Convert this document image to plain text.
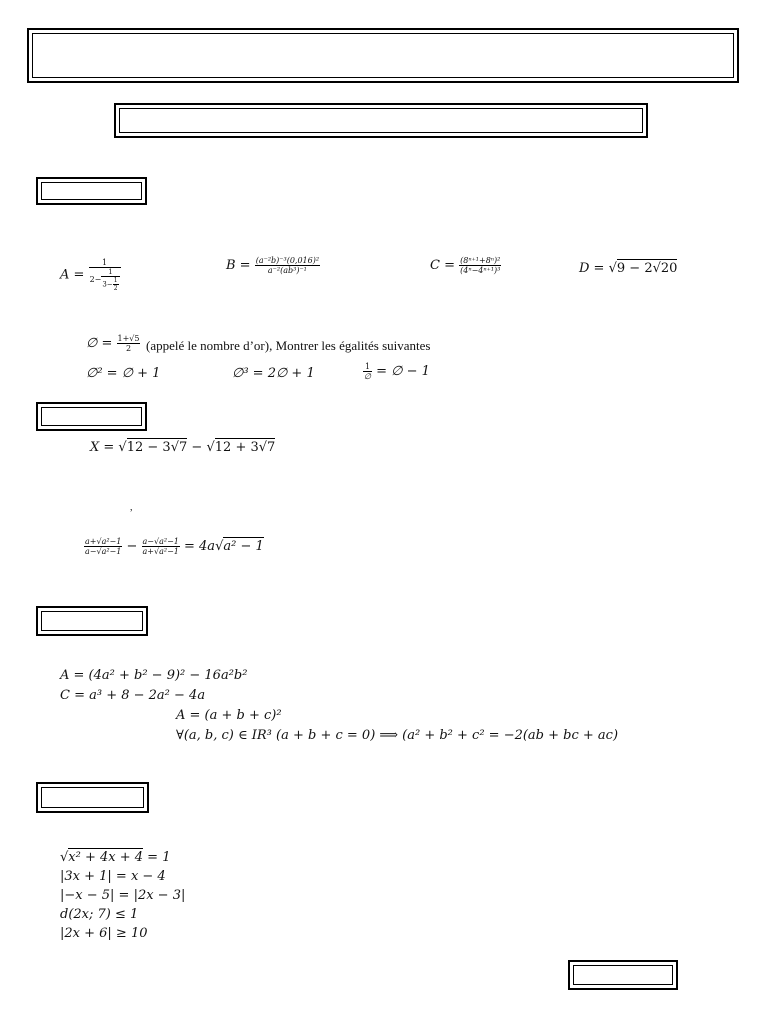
$A = \frac{1}{2- \frac{1}{3- \frac{1}{2}}}$	$B = \frac{\text{(a⁻²b)⁻³(0,016)²}}{\text{a⁻²(ab³)⁻¹}}$	$C = \frac{\text{(8ⁿ⁺¹+8ⁿ)²}}{\text{(4ⁿ−4ⁿ⁺¹)³}}$	D = √9 − 2√20
∅ = $\frac{1+√5}{2}$ (appelé le nombre d’or), Montrer les égalités suivantes
∅² = ∅ + 1	∅³ = 2∅ + 1	$\frac{1}{\emptyset}$ = ∅ − 1
X = √12 − 3√7 − √12 + 3√7
,
$\frac{\text{a+√a²−1}}{\text{a−√a²−1}} - \frac{\text{a−√a²−1}}{\text{a+√a²−1}} = 4a√a^2 - 1$
A = (4a² + b² − 9)² − 16a²b²
C = a³ + 8 − 2a² − 4a
A = (a + b + c)²
∀(a, b, c) ∈ IR³ (a + b + c = 0) ⟹ (a² + b² + c² = −2(ab + bc + ac)
√x² + 4x + 4 = 1
|3x + 1| = x − 4
|−x − 5| = |2x − 3|
d(2x; 7) ≤ 1
|2x + 6| ≥ 10
